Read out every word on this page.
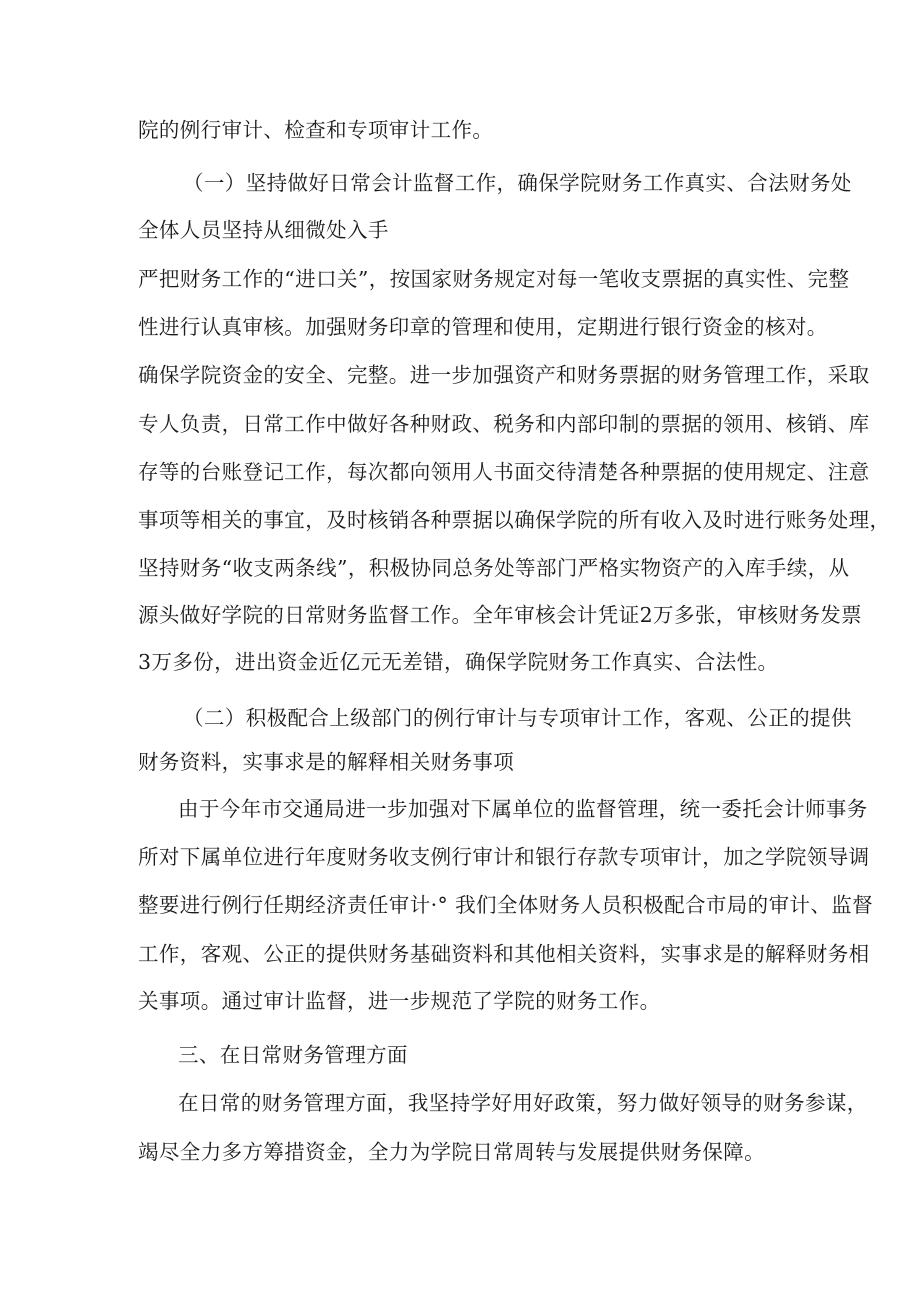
院的例行审计、检查和专项审计工作。
（一）坚持做好日常会计监督工作，确保学院财务工作真实、合法财务处
全体人员坚持从细微处入手
严把财务工作的“进口关”，按国家财务规定对每一笔收支票据的真实性、完整
性进行认真审核。加强财务印章的管理和使用，定期进行银行资金的核对。
确保学院资金的安全、完整。进一步加强资产和财务票据的财务管理工作，采取
专人负责，日常工作中做好各种财政、税务和内部印制的票据的领用、核销、库
存等的台账登记工作，每次都向领用人书面交待清楚各种票据的使用规定、注意
事项等相关的事宜，及时核销各种票据以确保学院的所有收入及时进行账务处理，
坚持财务“收支两条线”，积极协同总务处等部门严格实物资产的入库手续，从
源头做好学院的日常财务监督工作。全年审核会计凭证2万多张，审核财务发票
3万多份，进出资金近亿元无差错，确保学院财务工作真实、合法性。
（二）积极配合上级部门的例行审计与专项审计工作，客观、公正的提供
财务资料，实事求是的解释相关财务事项
由于今年市交通局进一步加强对下属单位的监督管理，统一委托会计师事务
所对下属单位进行年度财务收支例行审计和银行存款专项审计，加之学院领导调
整要进行例行任期经济责任审计·° 我们全体财务人员积极配合市局的审计、监督
工作，客观、公正的提供财务基础资料和其他相关资料，实事求是的解释财务相
关事项。通过审计监督，进一步规范了学院的财务工作。
三、在日常财务管理方面
在日常的财务管理方面，我坚持学好用好政策，努力做好领导的财务参谋，
竭尽全力多方筹措资金，全力为学院日常周转与发展提供财务保障。
